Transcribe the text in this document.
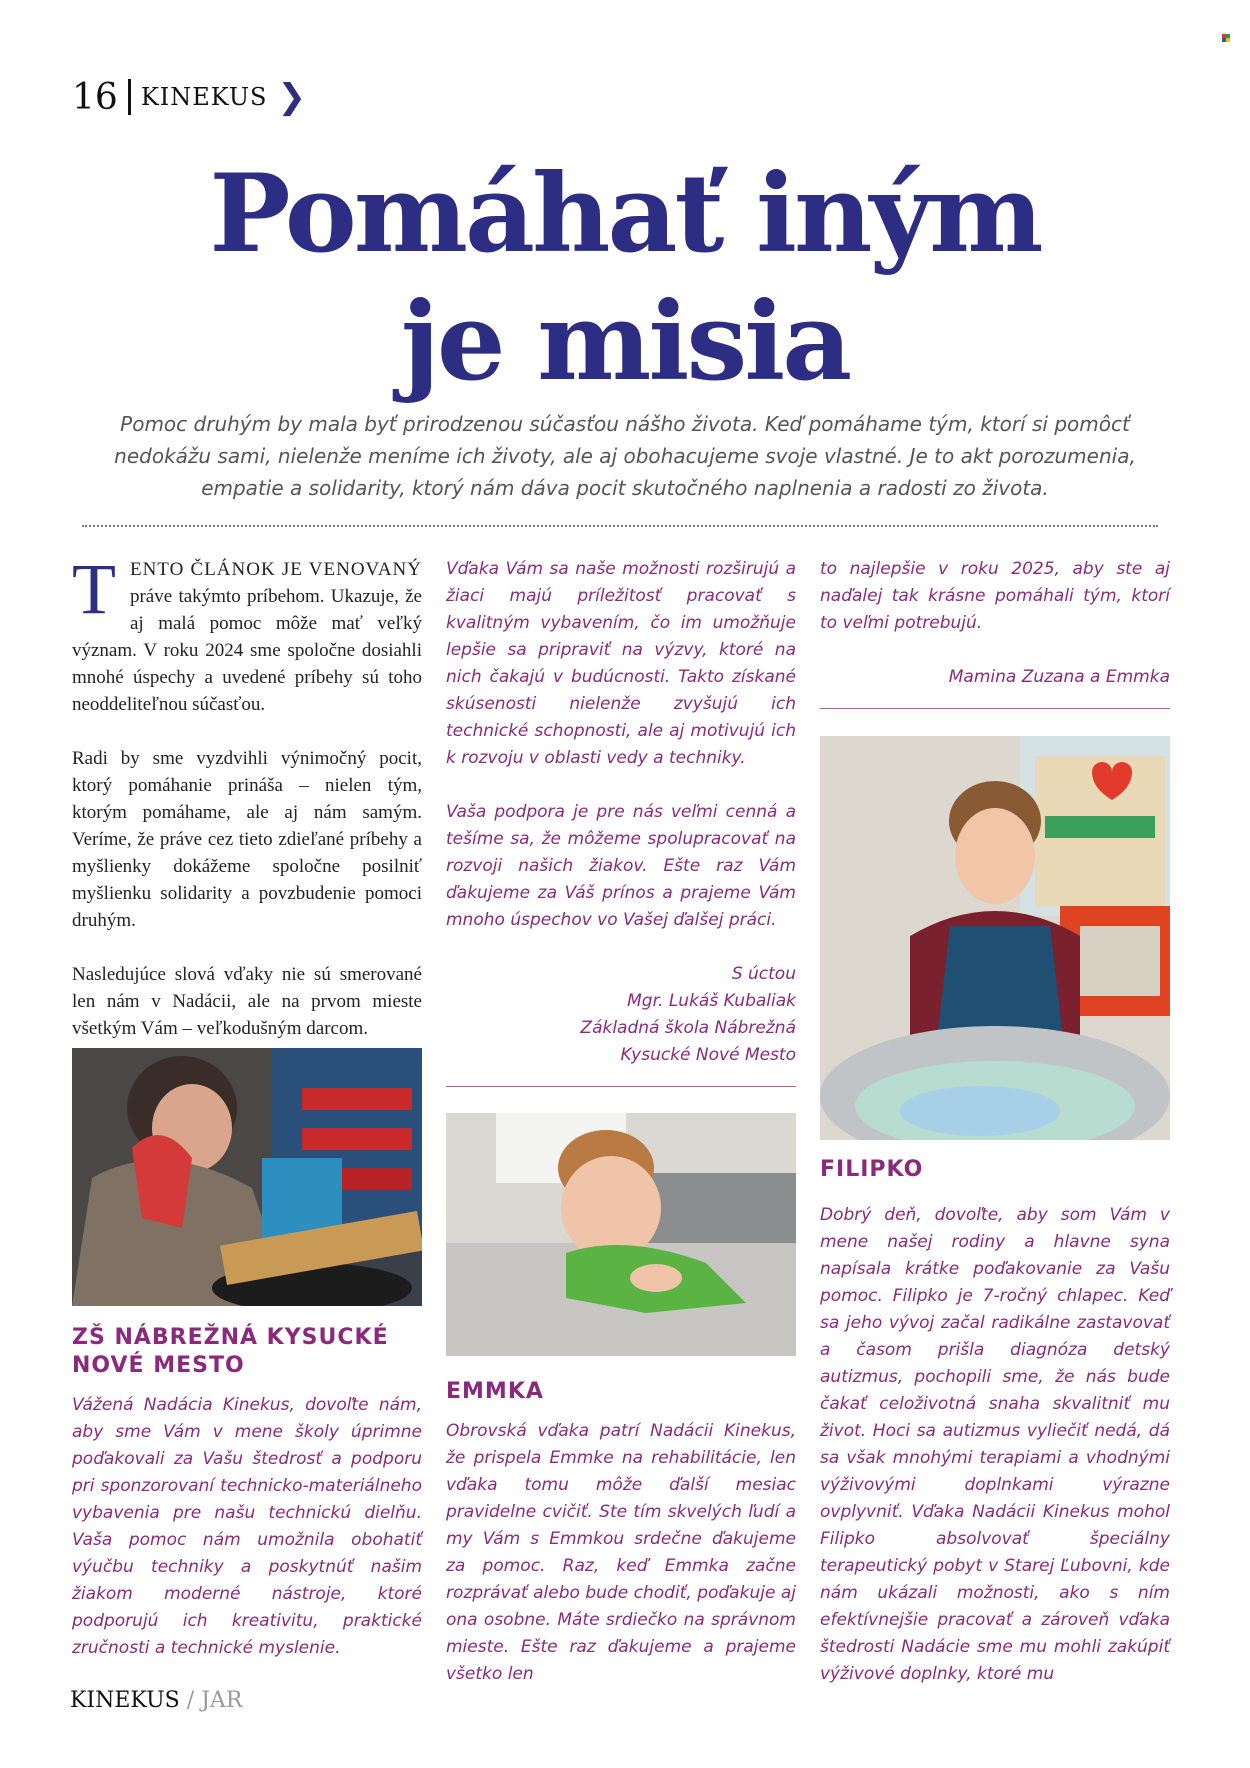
16 KINEKUS ❯
Pomáhať iným
je misia
Pomoc druhým by mala byť prirodzenou súčasťou nášho života. Keď pomáhame tým, ktorí si pomôcť nedokážu sami, nielenže meníme ich životy, ale aj obohacujeme svoje vlastné. Je to akt porozumenia, empatie a solidarity, ktorý nám dáva pocit skutočného naplnenia a radosti zo života.

TENTO ČLÁNOK JE VENOVANÝ práve takýmto príbehom. Ukazuje, že aj malá pomoc môže mať veľký význam. V roku 2024 sme spoločne dosiahli mnohé úspechy a uvedené príbehy sú toho neoddeliteľnou súčasťou.

Radi by sme vyzdvihli výnimočný pocit, ktorý pomáhanie prináša – nielen tým, ktorým pomáhame, ale aj nám samým. Veríme, že práve cez tieto zdieľané príbehy a myšlienky dokážeme spoločne posilniť myšlienku solidarity a povzbudenie pomoci druhým.

Nasledujúce slová vďaky nie sú smerované len nám v Nadácii, ale na prvom mieste všetkým Vám – veľkodušným darcom.

ZŠ NÁBREŽNÁ KYSUCKÉ NOVÉ MESTO
Vážená Nadácia Kinekus, dovoľte nám, aby sme Vám v mene školy úprimne poďakovali za Vašu štedrosť a podporu pri sponzorovaní technicko-materiálneho vybavenia pre našu technickú dielňu. Vaša pomoc nám umožnila obohatiť výučbu techniky a poskytnúť našim žiakom moderné nástroje, ktoré podporujú ich kreativitu, praktické zručnosti a technické myslenie.

Vďaka Vám sa naše možnosti rozširujú a žiaci majú príležitosť pracovať s kvalitným vybavením, čo im umožňuje lepšie sa pripraviť na výzvy, ktoré na nich čakajú v budúcnosti. Takto získané skúsenosti nielenže zvyšujú ich technické schopnosti, ale aj motivujú ich k rozvoju v oblasti vedy a techniky.

Vaša podpora je pre nás veľmi cenná a tešíme sa, že môžeme spolupracovať na rozvoji našich žiakov. Ešte raz Vám ďakujeme za Váš prínos a prajeme Vám mnoho úspechov vo Vašej ďalšej práci.

S úctou
Mgr. Lukáš Kubaliak
Základná škola Nábrežná
Kysucké Nové Mesto
EMMKA
Obrovská vďaka patrí Nadácii Kinekus, že prispela Emmke na rehabilitácie, len vďaka tomu môže ďalší mesiac pravidelne cvičiť. Ste tím skvelých ľudí a my Vám s Emmkou srdečne ďakujeme za pomoc. Raz, keď Emmka začne rozprávať alebo bude chodiť, poďakuje aj ona osobne. Máte srdiečko na správnom mieste. Ešte raz ďakujeme a prajeme všetko len

to najlepšie v roku 2025, aby ste aj naďalej tak krásne pomáhali tým, ktorí to veľmi potrebujú.

Mamina Zuzana a Emmka
FILIPKO
Dobrý deň, dovoľte, aby som Vám v mene našej rodiny a hlavne syna napísala krátke poďakovanie za Vašu pomoc. Filipko je 7-ročný chlapec. Keď sa jeho vývoj začal radikálne zastavovať a časom prišla diagnóza detský autizmus, pochopili sme, že nás bude čakať celoživotná snaha skvalitniť mu život. Hoci sa autizmus vyliečiť nedá, dá sa však mnohými terapiami a vhodnými výživovými doplnkami výrazne ovplyvniť. Vďaka Nadácii Kinekus mohol Filipko absolvovať špeciálny terapeutický pobyt v Starej Ľubovni, kde nám ukázali možnosti, ako s ním efektívnejšie pracovať a zároveň vďaka štedrosti Nadácie sme mu mohli zakúpiť výživové doplnky, ktoré mu
KINEKUS / JAR
